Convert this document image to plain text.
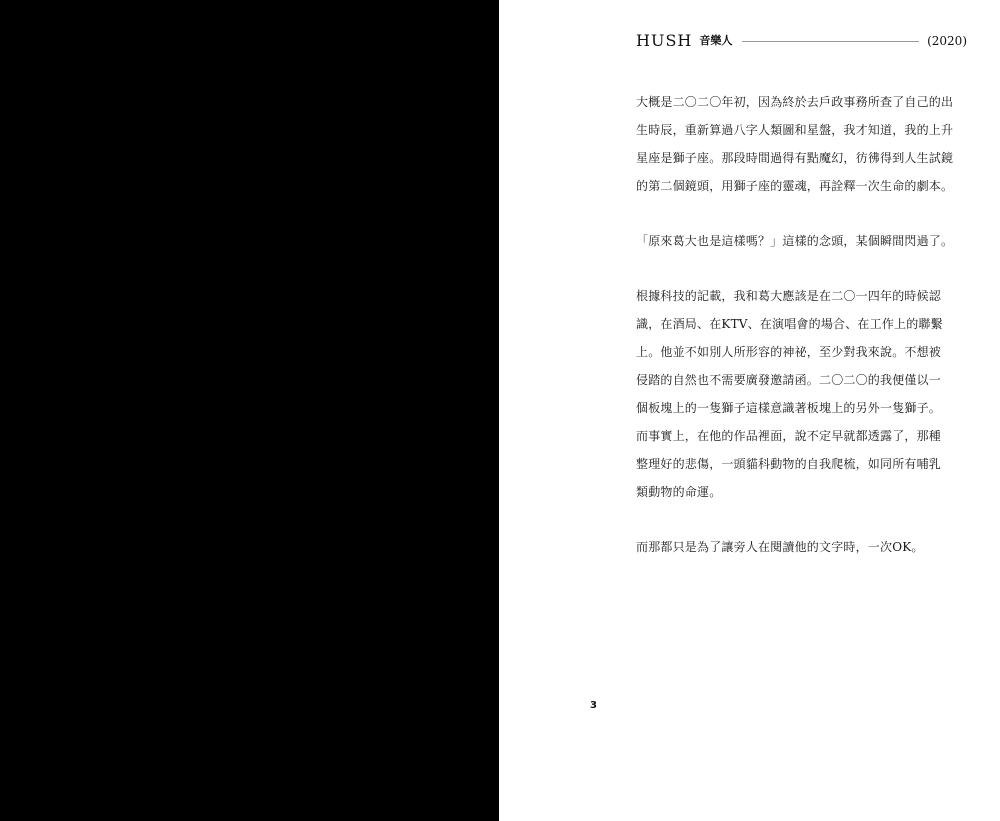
HUSH 音樂人	(2020)
大概是二〇二〇年初，因為終於去戶政事務所查了自己的出
生時辰，重新算過八字人類圖和星盤，我才知道，我的上升
星座是獅子座。那段時間過得有點魔幻，彷彿得到人生試鏡
的第二個鏡頭，用獅子座的靈魂，再詮釋一次生命的劇本。
「原來葛大也是這樣嗎？」這樣的念頭，某個瞬間閃過了。
根據科技的記載，我和葛大應該是在二〇一四年的時候認
識，在酒局、在KTV、在演唱會的場合、在工作上的聯繫
上。他並不如別人所形容的神祕，至少對我來說。不想被
侵踏的自然也不需要廣發邀請函。二〇二〇的我便僅以一
個板塊上的一隻獅子這樣意識著板塊上的另外一隻獅子。
而事實上，在他的作品裡面，說不定早就都透露了，那種
整理好的悲傷，一頭貓科動物的自我爬梳，如同所有哺乳
類動物的命運。
而那都只是為了讓旁人在閱讀他的文字時，一次OK。
3
